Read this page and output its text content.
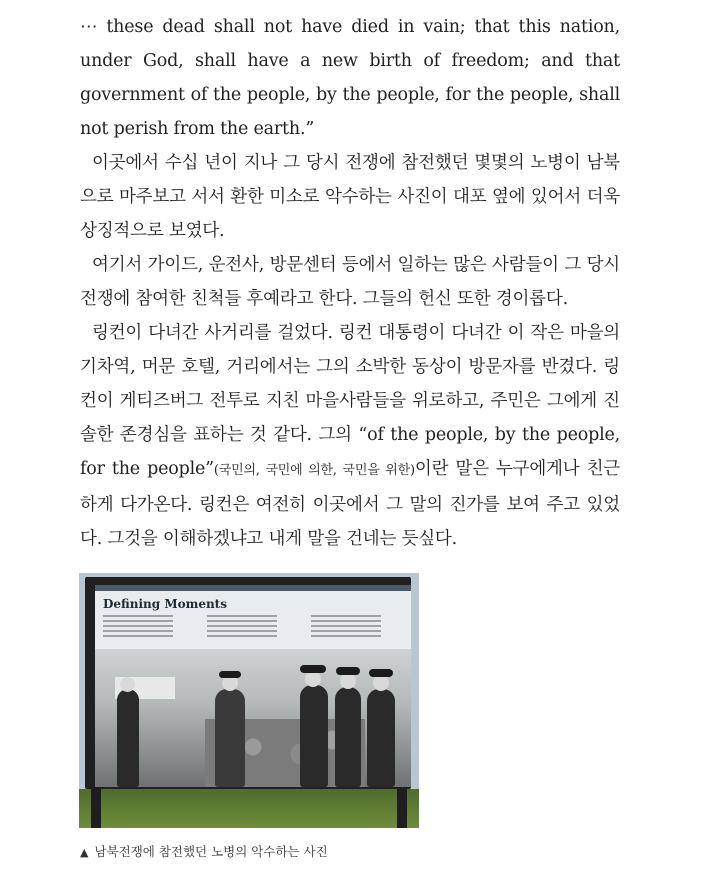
⋯ these dead shall not have died in vain; that this nation, under God, shall have a new birth of freedom; and that government of the people, by the people, for the people, shall not perish from the earth.”

이곳에서 수십 년이 지나 그 당시 전쟁에 참전했던 몇몇의 노병이 남북으로 마주보고 서서 환한 미소로 악수하는 사진이 대포 옆에 있어서 더욱 상징적으로 보였다.

여기서 가이드, 운전사, 방문센터 등에서 일하는 많은 사람들이 그 당시 전쟁에 참여한 친척들 후예라고 한다. 그들의 헌신 또한 경이롭다.

링컨이 다녀간 사거리를 걸었다. 링컨 대통령이 다녀간 이 작은 마을의 기차역, 머문 호텔, 거리에서는 그의 소박한 동상이 방문자를 반겼다. 링컨이 게티즈버그 전투로 지친 마을사람들을 위로하고, 주민은 그에게 진솔한 존경심을 표하는 것 같다. 그의 “of the people, by the people, for the people”(국민의, 국민에 의한, 국민을 위한)이란 말은 누구에게나 친근하게 다가온다. 링컨은 여전히 이곳에서 그 말의 진가를 보여 주고 있었다. 그것을 이해하겠냐고 내게 말을 건네는 듯싶다.

Defining Moments
▲ 남북전쟁에 참전했던 노병의 악수하는 사진
